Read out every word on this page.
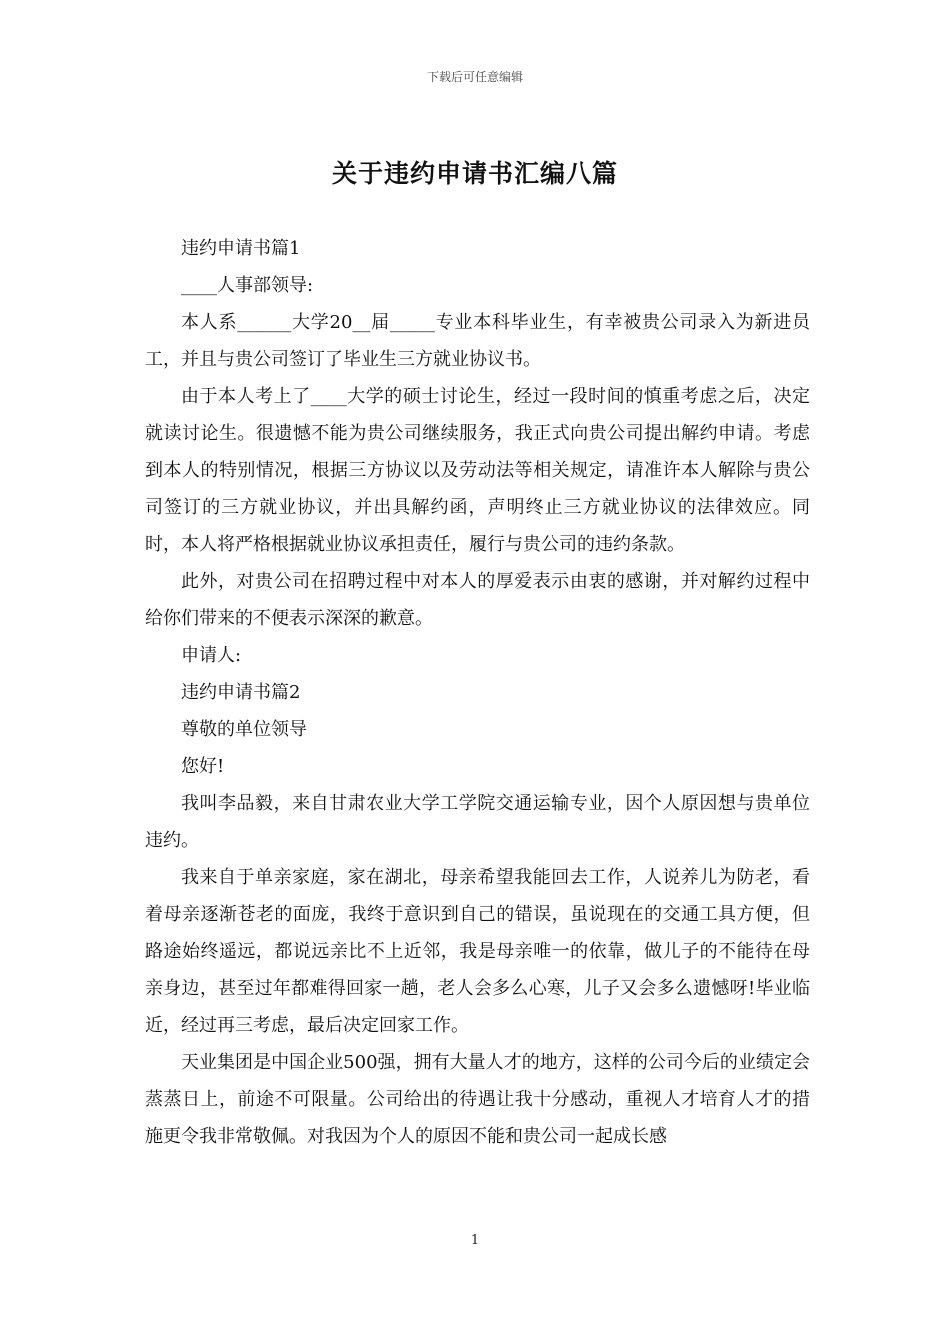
下载后可任意编辑
关于违约申请书汇编八篇

违约申请书篇1

____人事部领导:

本人系______大学20__届_____专业本科毕业生，有幸被贵公司录入为新进员工，并且与贵公司签订了毕业生三方就业协议书。

由于本人考上了____大学的硕士讨论生，经过一段时间的慎重考虑之后，决定就读讨论生。很遗憾不能为贵公司继续服务，我正式向贵公司提出解约申请。考虑到本人的特别情况，根据三方协议以及劳动法等相关规定，请准许本人解除与贵公司签订的三方就业协议，并出具解约函，声明终止三方就业协议的法律效应。同时，本人将严格根据就业协议承担责任，履行与贵公司的违约条款。

此外，对贵公司在招聘过程中对本人的厚爱表示由衷的感谢，并对解约过程中给你们带来的不便表示深深的歉意。

申请人:

违约申请书篇2

尊敬的单位领导

您好!

我叫李品毅，来自甘肃农业大学工学院交通运输专业，因个人原因想与贵单位违约。

我来自于单亲家庭，家在湖北，母亲希望我能回去工作，人说养儿为防老，看着母亲逐渐苍老的面庞，我终于意识到自己的错误，虽说现在的交通工具方便，但路途始终遥远，都说远亲比不上近邻，我是母亲唯一的依靠，做儿子的不能待在母亲身边，甚至过年都难得回家一趟，老人会多么心寒，儿子又会多么遗憾呀!毕业临近，经过再三考虑，最后决定回家工作。

天业集团是中国企业500强，拥有大量人才的地方，这样的公司今后的业绩定会蒸蒸日上，前途不可限量。公司给出的待遇让我十分感动，重视人才培育人才的措施更令我非常敬佩。对我因为个人的原因不能和贵公司一起成长感

1
